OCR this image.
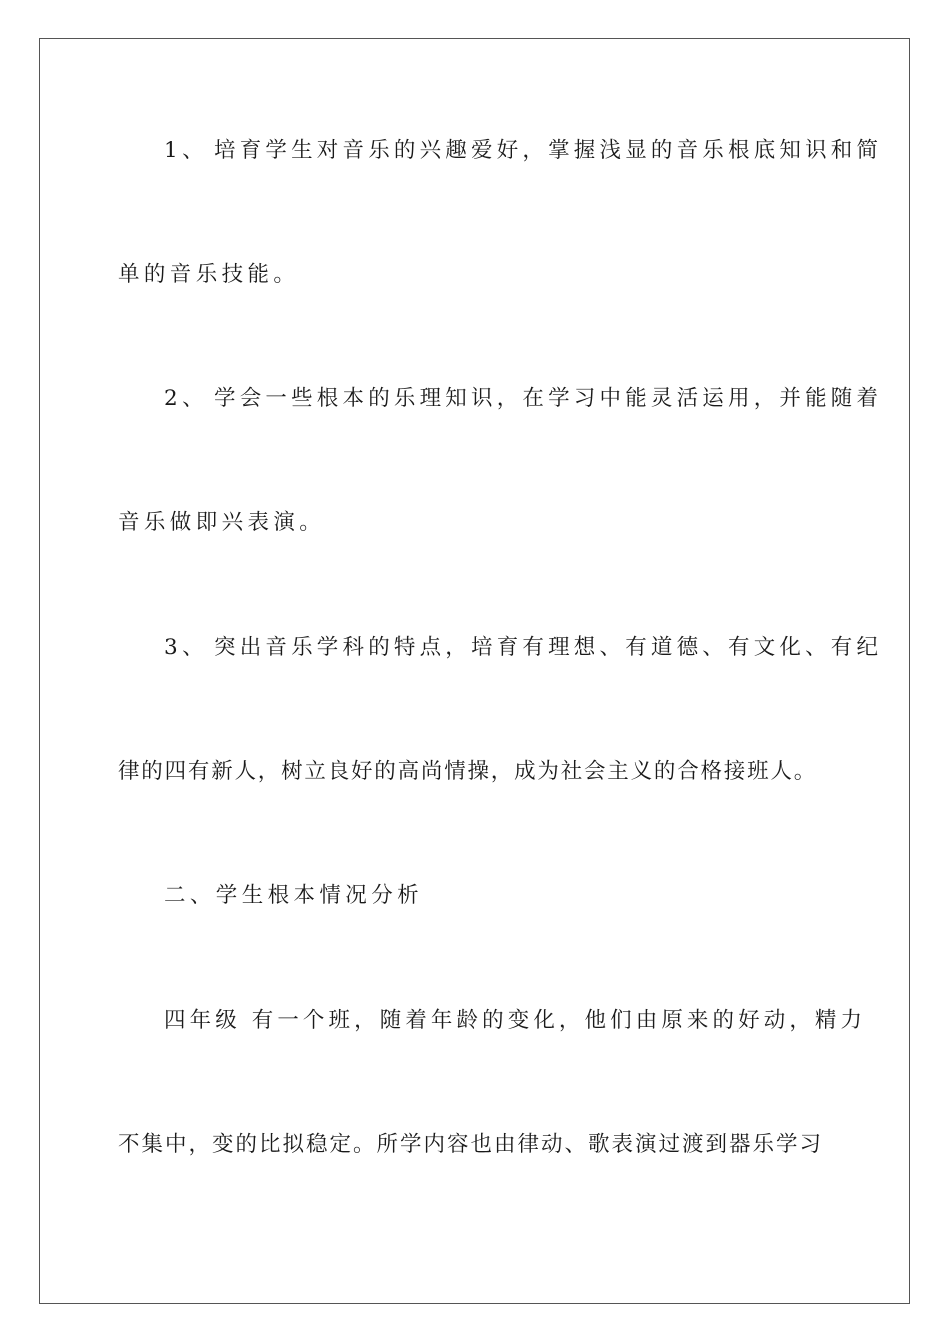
1、 培育学生对音乐的兴趣爱好，掌握浅显的音乐根底知识和简
单的音乐技能。
2、 学会一些根本的乐理知识，在学习中能灵活运用，并能随着
音乐做即兴表演。
3、 突出音乐学科的特点，培育有理想、有道德、有文化、有纪
律的四有新人，树立良好的高尚情操，成为社会主义的合格接班人。
二、学生根本情况分析
四年级 有一个班，随着年龄的变化，他们由原来的好动，精力
不集中，变的比拟稳定。所学内容也由律动、歌表演过渡到器乐学习
